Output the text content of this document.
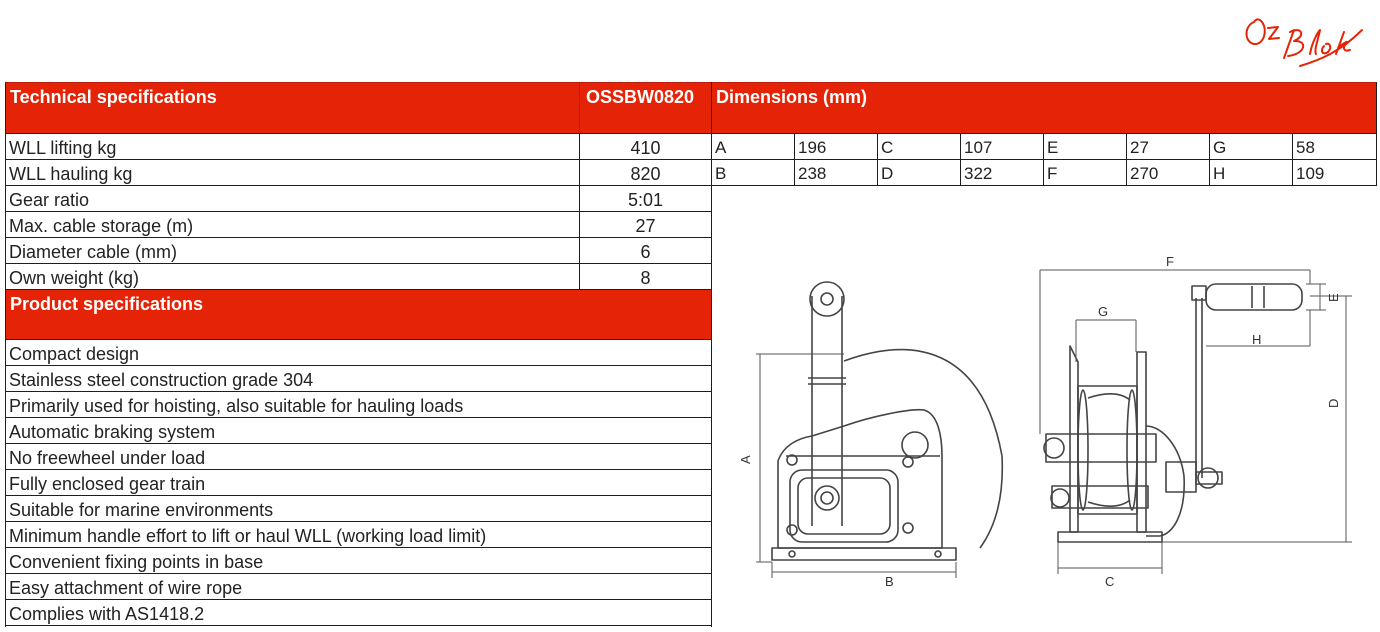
Technical specifications	OSSBW0820	Dimensions (mm)
Product specifications
WLL lifting kg	410
WLL hauling kg	820
Gear ratio	5:01
Max. cable storage (m)	27
Diameter cable (mm)	6
Own weight (kg)	8
A	196	C	107	E	27	G	58
B	238	D	322	F	270	H	109
Compact design
Stainless steel construction grade 304
Primarily used for hoisting, also suitable for hauling loads
Automatic braking system
No freewheel under load
Fully enclosed gear train
Suitable for marine environments
Minimum handle effort to lift or haul WLL (working load limit)
Convenient fixing points in base
Easy attachment of wire rope
Complies with AS1418.2
A
B	C
D
E
F
G
H
